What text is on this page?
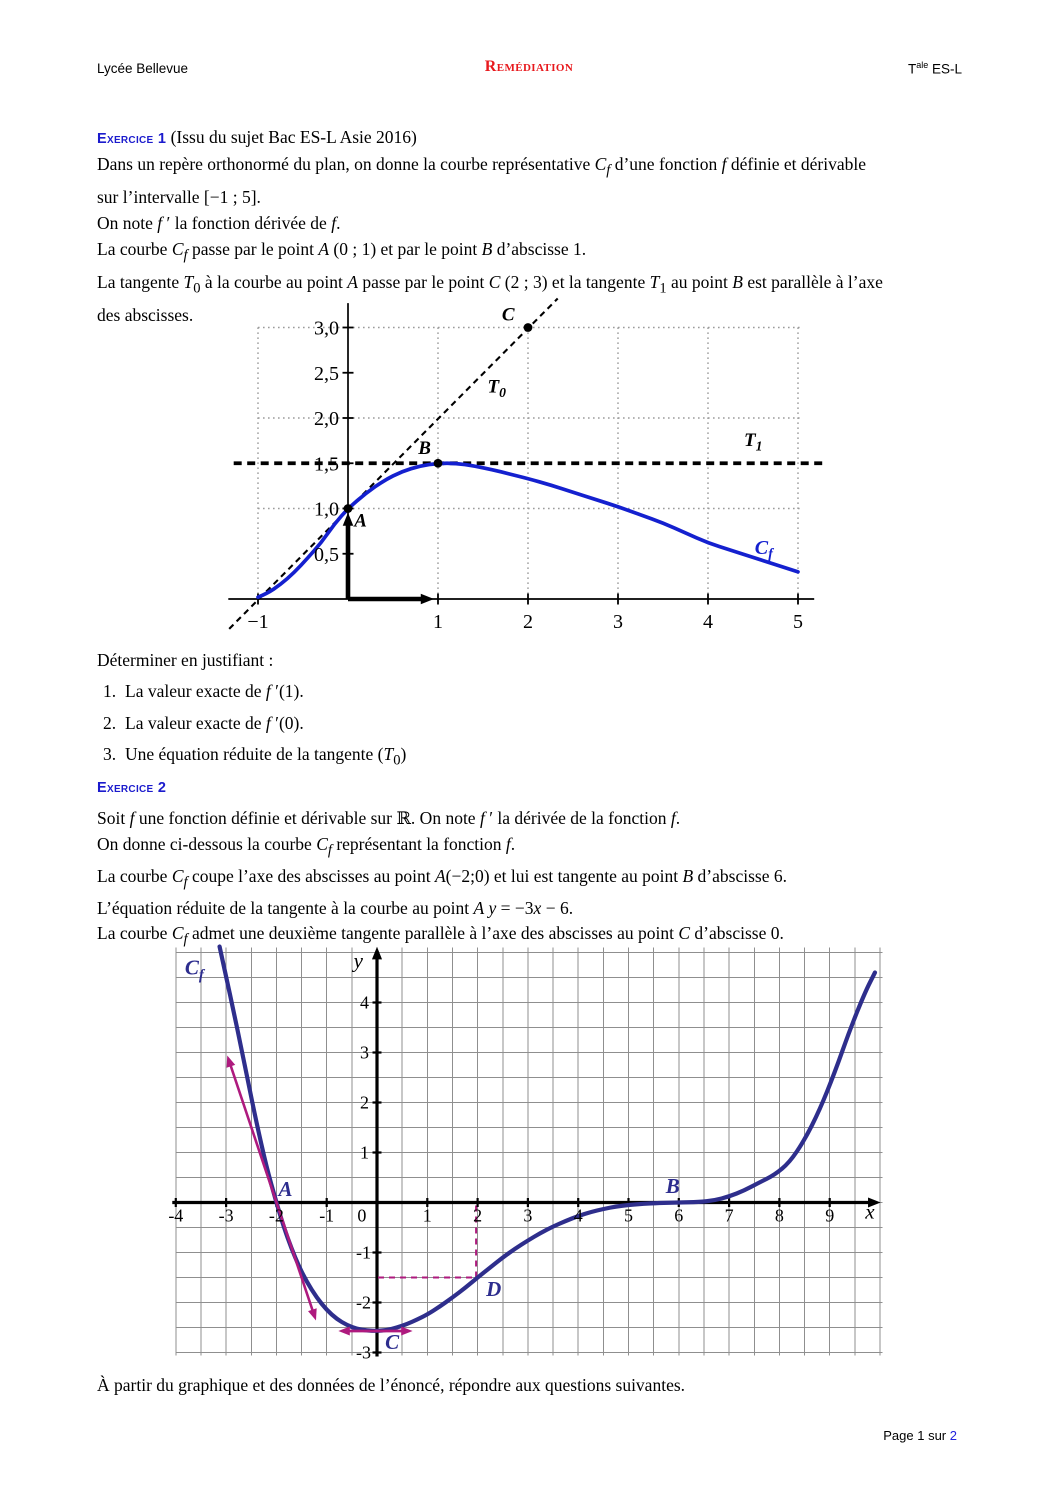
Lycée Bellevue	Remédiation	$T^{ale}$ ES-L
Exercice 1 (Issu du sujet Bac ES-L Asie 2016)
Dans un repère orthonormé du plan, on donne la courbe représentative $C_f$ d’une fonction f définie et dérivable
sur l’intervalle [−1 ; 5].
On note f ′ la fonction dérivée de f.
La courbe $C_f$ passe par le point A (0 ; 1) et par le point B d’abscisse 1.
La tangente $T_0$ à la courbe au point A passe par le point C (2 ; 3) et la tangente $T_1$ au point B est parallèle à l’axe
des abscisses.
0,5
1,0
1,5
2,0
2,5
3,0
−1	1	2	3	4	5
A
B
C
$T_0$
$T_1$
$C_f$
Déterminer en justifiant :
1. La valeur exacte de f ′(1).
2. La valeur exacte de f ′(0).
3. Une équation réduite de la tangente $(T_0)$
Exercice 2
Soit f une fonction définie et dérivable sur ℝ. On note f ′ la dérivée de la fonction f.
On donne ci-dessous la courbe $C_f$ représentant la fonction f.
La courbe $C_f$ coupe l’axe des abscisses au point A(−2;0) et lui est tangente au point B d’abscisse 6.
L’équation réduite de la tangente à la courbe au point A y = −3x − 6.
La courbe $C_f$ admet une deuxième tangente parallèle à l’axe des abscisses au point C d’abscisse 0.
A	B
C
D
$C_f$
x
y
-4 -3 -2 -1 0	1 2 3 4 5 6 7 8 9
4
3
2
1
-1
-2
-3
À partir du graphique et des données de l’énoncé, répondre aux questions suivantes.
Page 1 sur 2
